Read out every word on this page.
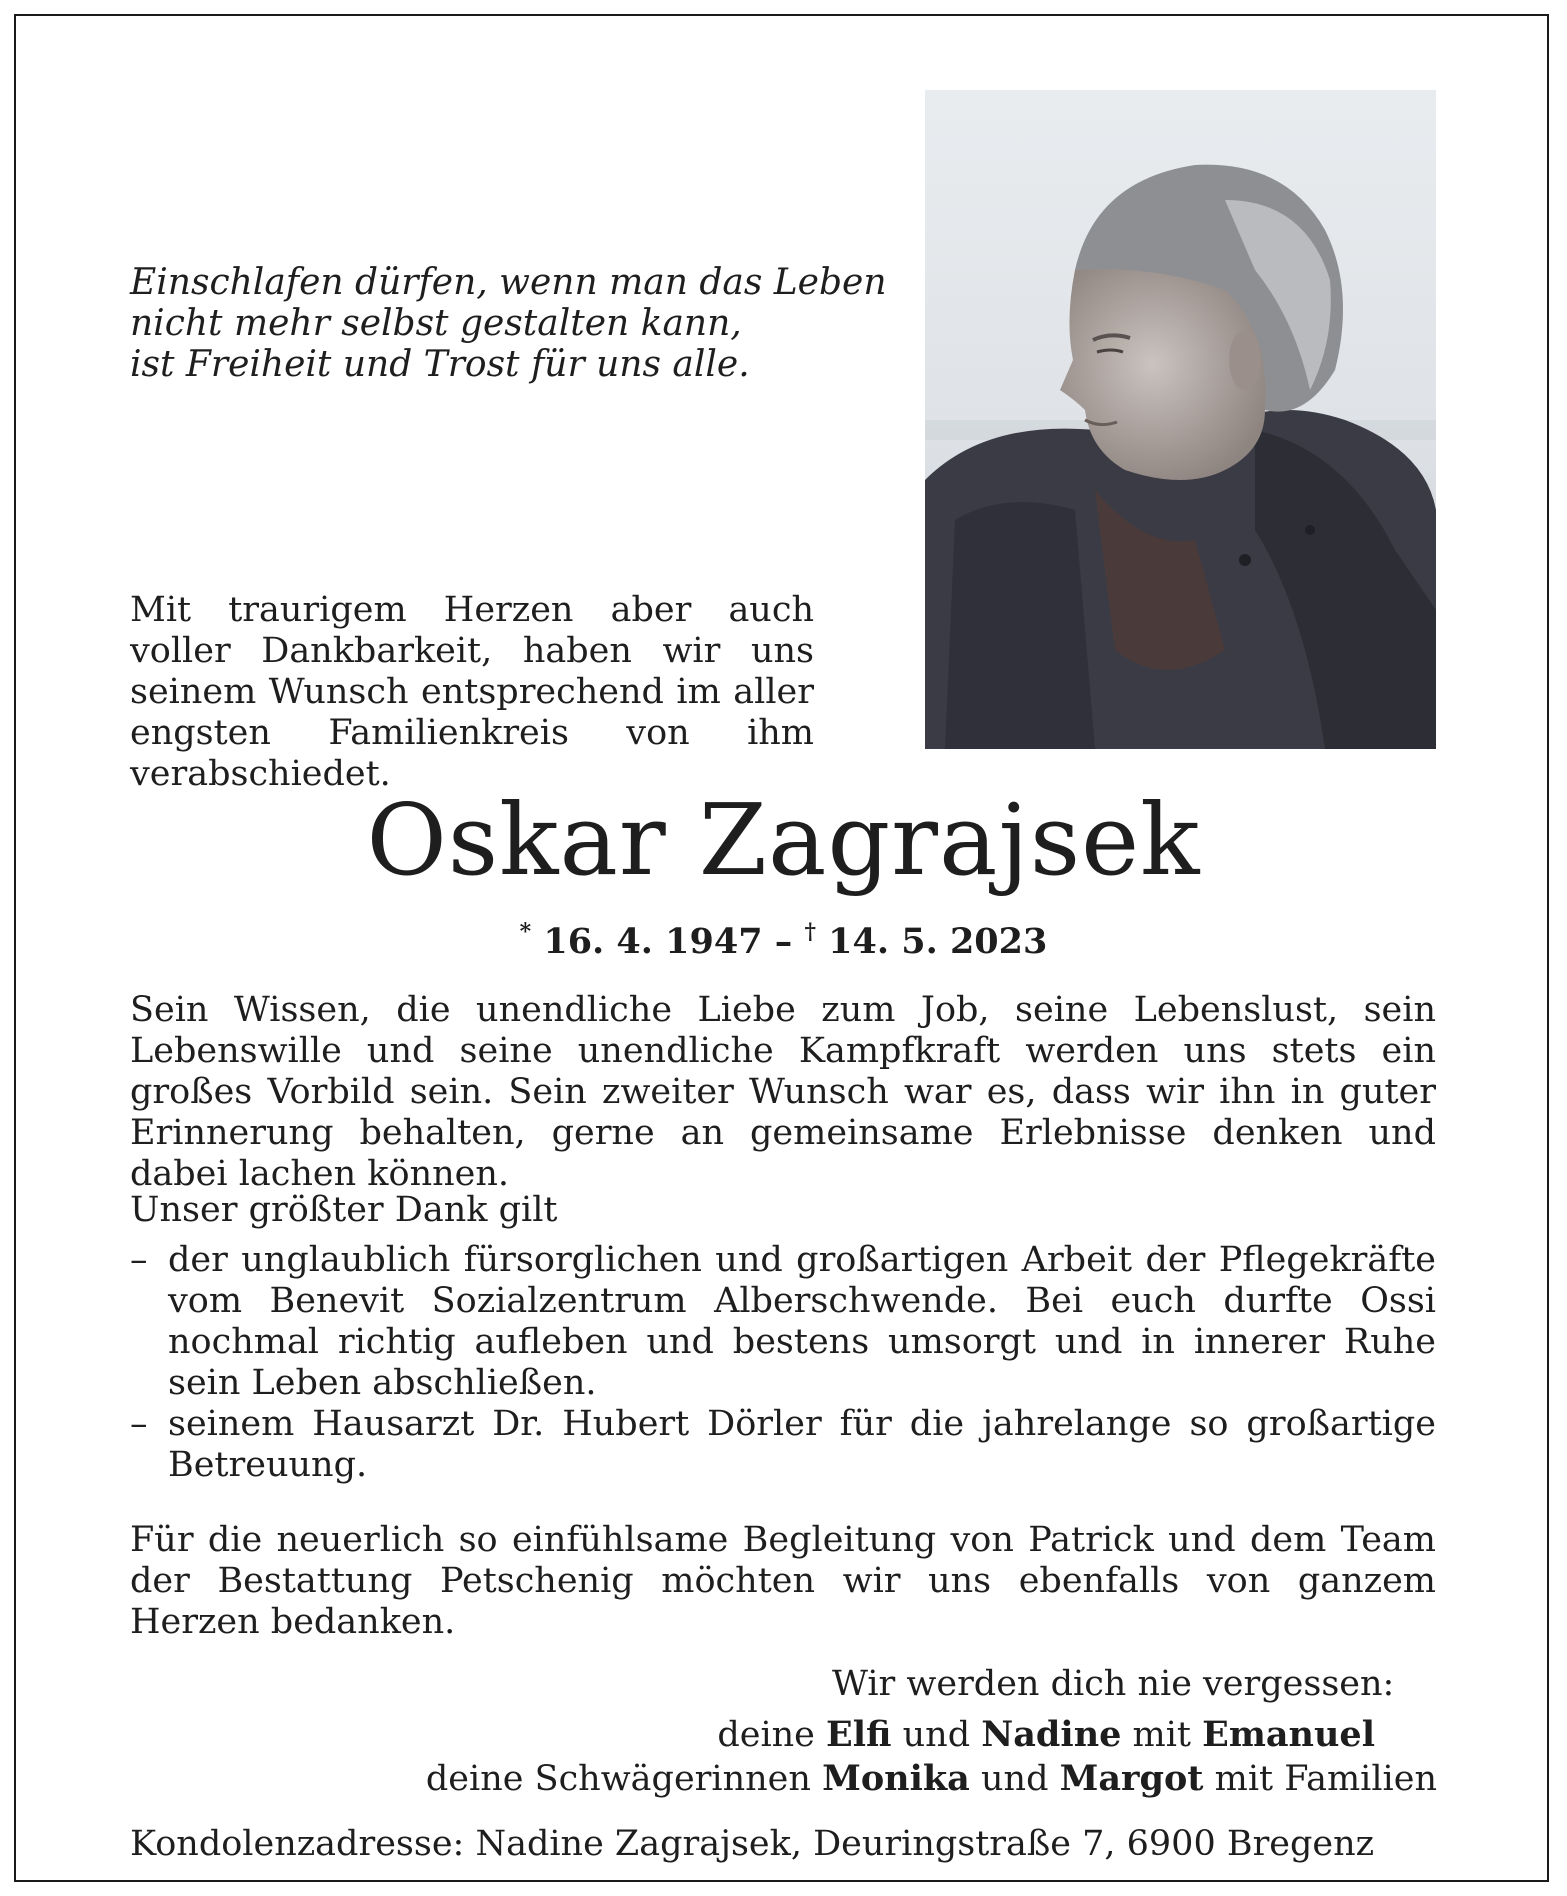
Einschlafen dürfen, wenn man das Leben
nicht mehr selbst gestalten kann,
ist Freiheit und Trost für uns alle.
Mit traurigem Herzen aber auch voller Dankbarkeit, haben wir uns seinem Wunsch entsprechend im aller engsten Familienkreis von ihm verabschiedet.
Oskar Zagrajsek
* 16. 4. 1947 – † 14. 5. 2023
Sein Wissen, die unendliche Liebe zum Job, seine Lebenslust, sein Lebenswille und seine unendliche Kampfkraft werden uns stets ein großes Vorbild sein. Sein zweiter Wunsch war es, dass wir ihn in guter Erinnerung behalten, gerne an gemeinsame Erlebnisse denken und dabei lachen können.
Unser größter Dank gilt
– der unglaublich fürsorglichen und großartigen Arbeit der Pflegekräfte vom Benevit Sozialzentrum Alberschwende. Bei euch durfte Ossi nochmal richtig aufleben und bestens umsorgt und in innerer Ruhe sein Leben abschließen.
– seinem Hausarzt Dr. Hubert Dörler für die jahrelange so großartige Betreuung.
Für die neuerlich so einfühlsame Begleitung von Patrick und dem Team der Bestattung Petschenig möchten wir uns ebenfalls von ganzem Herzen bedanken.
Wir werden dich nie vergessen:
deine Elfi und Nadine mit Emanuel
deine Schwägerinnen Monika und Margot mit Familien
Kondolenzadresse: Nadine Zagrajsek, Deuringstraße 7, 6900 Bregenz
